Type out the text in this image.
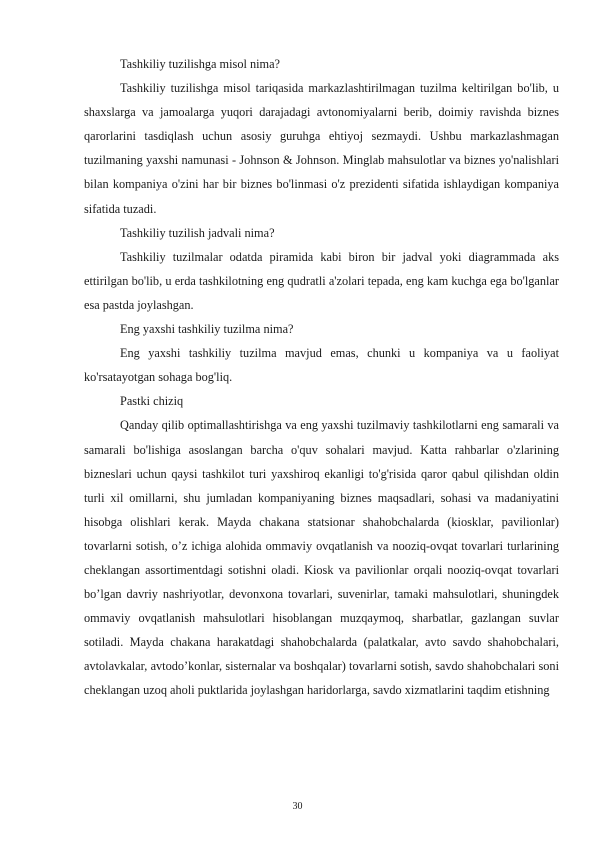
Tashkiliy tuzilishga misol nima?

Tashkiliy tuzilishga misol tariqasida markazlashtirilmagan tuzilma keltirilgan bo'lib, u shaxslarga va jamoalarga yuqori darajadagi avtonomiyalarni berib, doimiy ravishda biznes qarorlarini tasdiqlash uchun asosiy guruhga ehtiyoj sezmaydi. Ushbu markazlashmagan tuzilmaning yaxshi namunasi - Johnson & Johnson. Minglab mahsulotlar va biznes yo'nalishlari bilan kompaniya o'zini har bir biznes bo'linmasi o'z prezidenti sifatida ishlaydigan kompaniya sifatida tuzadi.

Tashkiliy tuzilish jadvali nima?

Tashkiliy tuzilmalar odatda piramida kabi biron bir jadval yoki diagrammada aks ettirilgan bo'lib, u erda tashkilotning eng qudratli a'zolari tepada, eng kam kuchga ega bo'lganlar esa pastda joylashgan.

Eng yaxshi tashkiliy tuzilma nima?

Eng yaxshi tashkiliy tuzilma mavjud emas, chunki u kompaniya va u faoliyat ko'rsatayotgan sohaga bog'liq.

Pastki chiziq

Qanday qilib optimallashtirishga va eng yaxshi tuzilmaviy tashkilotlarni eng samarali va samarali bo'lishiga asoslangan barcha o'quv sohalari mavjud. Katta rahbarlar o'zlarining bizneslari uchun qaysi tashkilot turi yaxshiroq ekanligi to'g'risida qaror qabul qilishdan oldin turli xil omillarni, shu jumladan kompaniyaning biznes maqsadlari, sohasi va madaniyatini hisobga olishlari kerak. Mayda chakana statsionar shahobchalarda (kiosklar, pavilionlar) tovarlarni sotish, o’z ichiga alohida ommaviy ovqatlanish va nooziq-ovqat tovarlari turlarining cheklangan assortimentdagi sotishni oladi. Kiosk va pavilionlar orqali nooziq-ovqat tovarlari bo’lgan davriy nashriyotlar, devonxona tovarlari, suvenirlar, tamaki mahsulotlari, shuningdek ommaviy ovqatlanish mahsulotlari hisoblangan muzqaymoq, sharbatlar, gazlangan suvlar sotiladi. Mayda chakana harakatdagi shahobchalarda (palatkalar, avto savdo shahobchalari, avtolavkalar, avtodo’konlar, sisternalar va boshqalar) tovarlarni sotish, savdo shahobchalari soni cheklangan uzoq aholi puktlarida joylashgan haridorlarga, savdo xizmatlarini taqdim etishning

30
